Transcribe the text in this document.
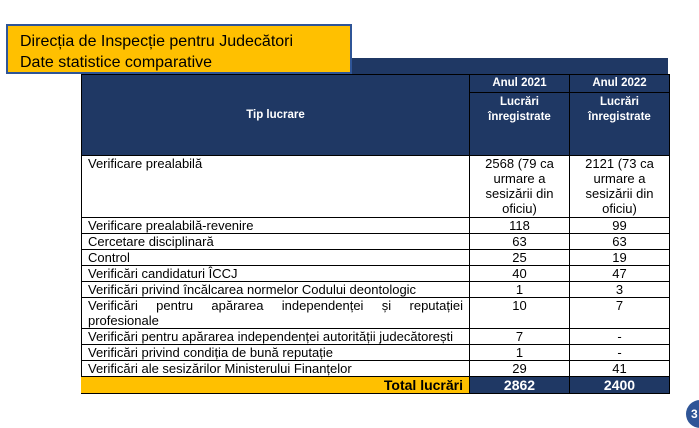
Direcția de Inspecție pentru Judecători
Date statistice comparative
Tip lucrare	Anul 2021	Anul 2022
	Lucrări înregistrate	Lucrări înregistrate
Verificare prealabilă	2568 (79 ca urmare a sesizării din oficiu)	2121 (73 ca urmare a sesizării din oficiu)
Verificare prealabilă-revenire	118	99
Cercetare disciplinară	63	63
Control	25	19
Verificări candidaturi ÎCCJ	40	47
Verificări privind încălcarea normelor Codului deontologic	1	3
Verificări pentru apărarea independenței și reputației profesionale	10	7
Verificări pentru apărarea independenței autorității judecătorești	7	-
Verificări privind condiția de bună reputație	1	-
Verificări ale sesizărilor Ministerului Finanțelor	29	41
Total lucrări	2862	2400
3
